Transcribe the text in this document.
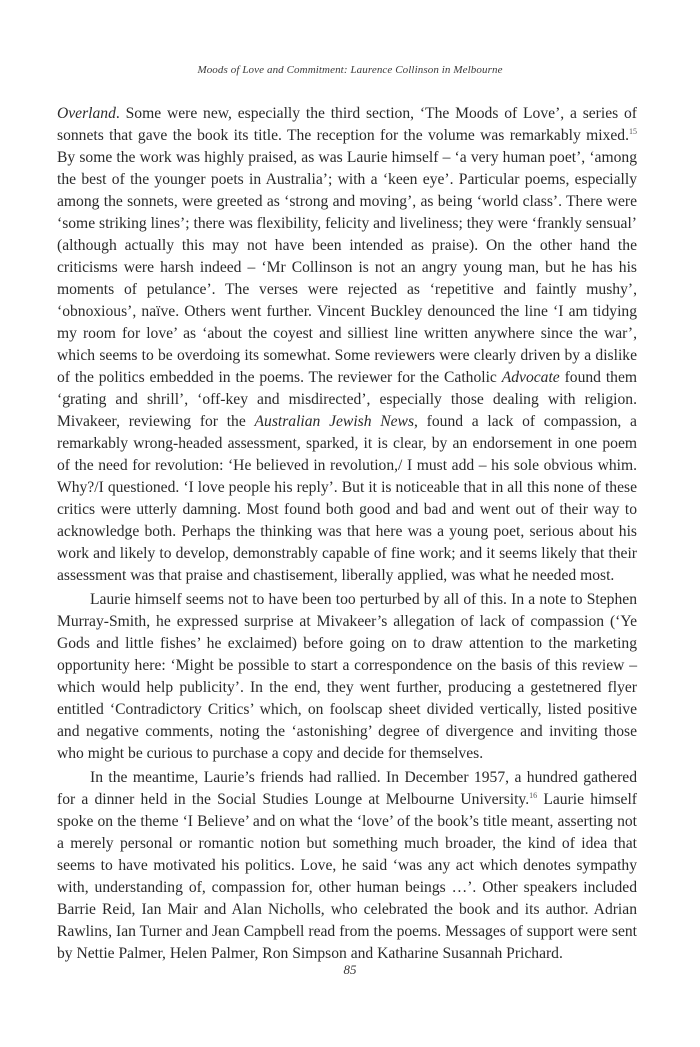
Moods of Love and Commitment: Laurence Collinson in Melbourne

Overland. Some were new, especially the third section, ‘The Moods of Love’, a series of sonnets that gave the book its title. The reception for the volume was remarkably mixed.$^{15}$ By some the work was highly praised, as was Laurie himself – ‘a very human poet’, ‘among the best of the younger poets in Australia’; with a ‘keen eye’. Particular poems, especially among the sonnets, were greeted as ‘strong and moving’, as being ‘world class’. There were ‘some striking lines’; there was flexibility, felicity and liveliness; they were ‘frankly sensual’ (although actually this may not have been intended as praise). On the other hand the criticisms were harsh indeed – ‘Mr Collinson is not an angry young man, but he has his moments of petulance’. The verses were rejected as ‘repetitive and faintly mushy’, ‘obnoxious’, naïve. Others went further. Vincent Buckley denounced the line ‘I am tidying my room for love’ as ‘about the coyest and silliest line written anywhere since the war’, which seems to be overdoing its somewhat. Some reviewers were clearly driven by a dislike of the politics embedded in the poems. The reviewer for the Catholic Advocate found them ‘grating and shrill’, ‘off-key and misdirected’, especially those dealing with religion. Mivakeer, reviewing for the Australian Jewish News, found a lack of compassion, a remarkably wrong-headed assessment, sparked, it is clear, by an endorsement in one poem of the need for revolution: ‘He believed in revolution,/ I must add – his sole obvious whim. Why?/I questioned. ‘I love people his reply’. But it is noticeable that in all this none of these critics were utterly damning. Most found both good and bad and went out of their way to acknowledge both. Perhaps the thinking was that here was a young poet, serious about his work and likely to develop, demonstrably capable of fine work; and it seems likely that their assessment was that praise and chastisement, liberally applied, was what he needed most.

Laurie himself seems not to have been too perturbed by all of this. In a note to Stephen Murray-Smith, he expressed surprise at Mivakeer’s allegation of lack of compassion (‘Ye Gods and little fishes’ he exclaimed) before going on to draw attention to the marketing opportunity here: ‘Might be possible to start a correspondence on the basis of this review – which would help publicity’. In the end, they went further, producing a gestetnered flyer entitled ‘Contradictory Critics’ which, on foolscap sheet divided vertically, listed positive and negative comments, noting the ‘astonishing’ degree of divergence and inviting those who might be curious to purchase a copy and decide for themselves.

In the meantime, Laurie’s friends had rallied. In December 1957, a hundred gathered for a dinner held in the Social Studies Lounge at Melbourne University.$^{16}$ Laurie himself spoke on the theme ‘I Believe’ and on what the ‘love’ of the book’s title meant, asserting not a merely personal or romantic notion but something much broader, the kind of idea that seems to have motivated his politics. Love, he said ‘was any act which denotes sympathy with, understanding of, compassion for, other human beings …’. Other speakers included Barrie Reid, Ian Mair and Alan Nicholls, who celebrated the book and its author. Adrian Rawlins, Ian Turner and Jean Campbell read from the poems. Messages of support were sent by Nettie Palmer, Helen Palmer, Ron Simpson and Katharine Susannah Prichard.

85
